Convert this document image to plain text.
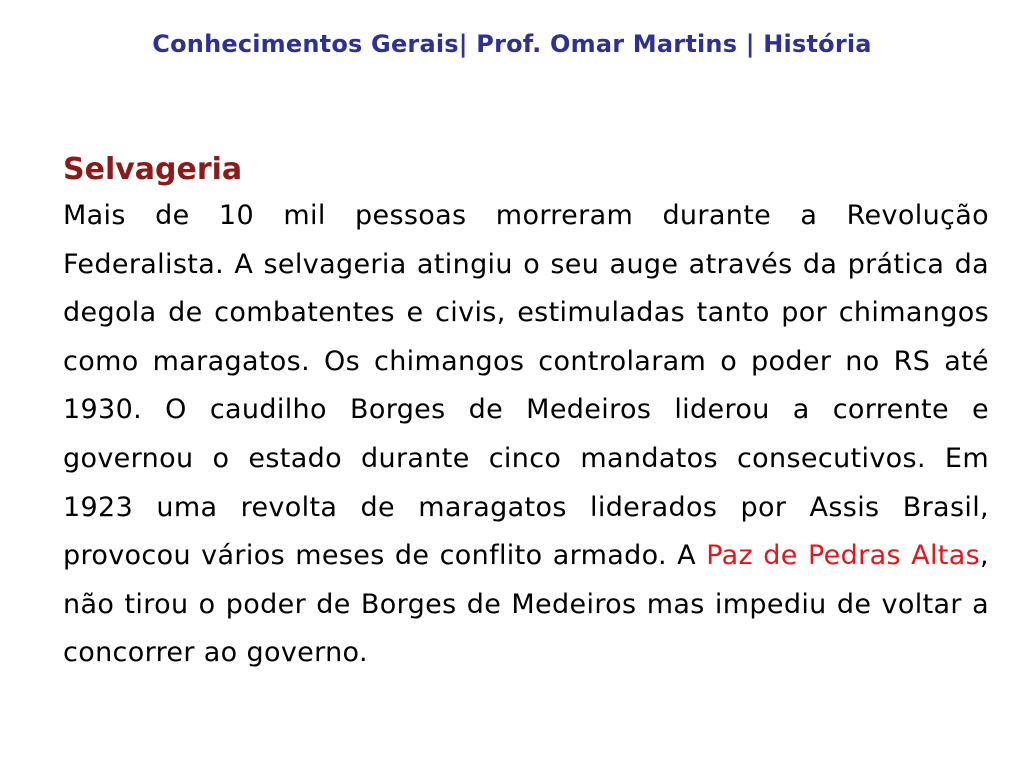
Conhecimentos Gerais| Prof. Omar Martins | História
Selvageria

Mais de 10 mil pessoas morreram durante a Revolução Federalista. A selvageria atingiu o seu auge através da prática da degola de combatentes e civis, estimuladas tanto por chimangos como maragatos. Os chimangos controlaram o poder no RS até 1930. O caudilho Borges de Medeiros liderou a corrente e governou o estado durante cinco mandatos consecutivos. Em 1923 uma revolta de maragatos liderados por Assis Brasil, provocou vários meses de conflito armado. A Paz de Pedras Altas, não tirou o poder de Borges de Medeiros mas impediu de voltar a concorrer ao governo.
